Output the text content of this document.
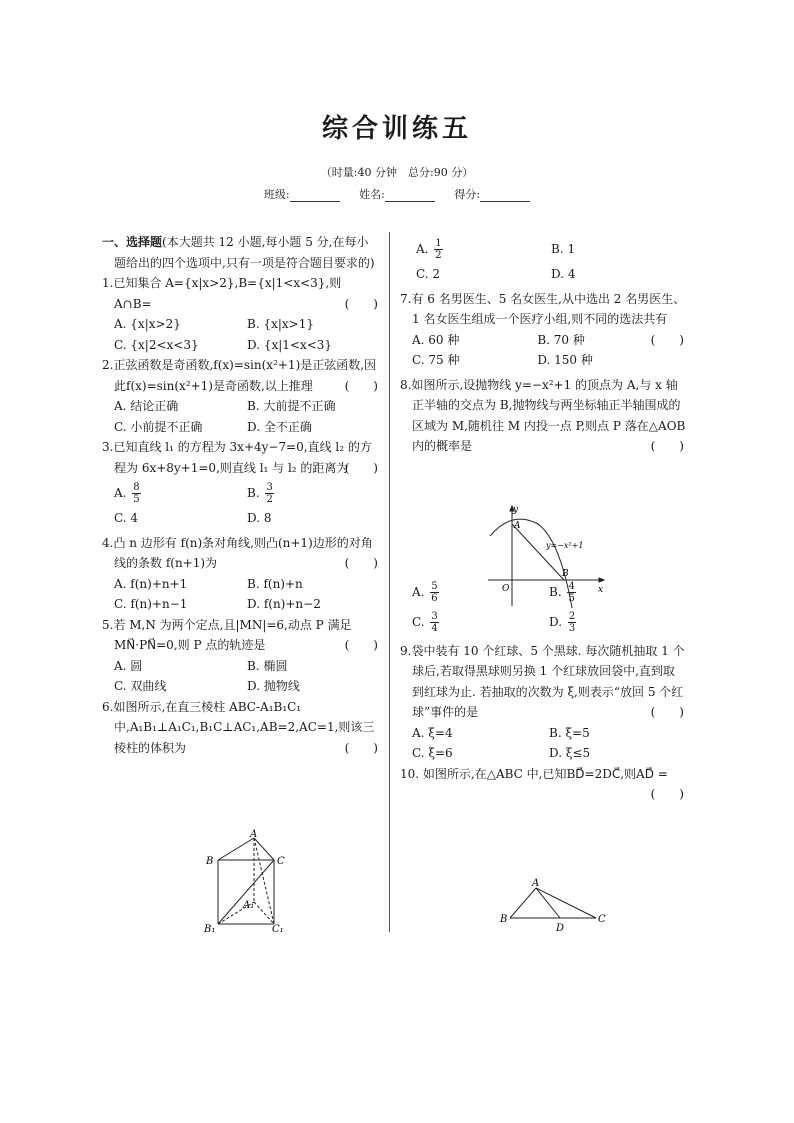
综合训练五
（时量:40 分钟　总分:90 分）
班级:	姓名:	得分:

一、选择题(本大题共 12 小题,每小题 5 分,在每小题给出的四个选项中,只有一项是符合题目要求的)

1.已知集合 A={x|x>2},B={x|1<x<3},则 A∩B=	(　　)

A. {x|x>2}	B. {x|x>1}
C. {x|2<x<3}	D. {x|1<x<3}

2.正弦函数是奇函数,f(x)=sin(x²+1)是正弦函数,因此f(x)=sin(x²+1)是奇函数,以上推理	(　　)

A. 结论正确	B. 大前提不正确
C. 小前提不正确	D. 全不正确

3.已知直线 l₁ 的方程为 3x+4y−7=0,直线 l₂ 的方程为 6x+8y+1=0,则直线 l₁ 与 l₂ 的距离为
(　　)

A. $\frac{8}{5}$	B. $\frac{3}{2}$
C. 4	D. 8

4.凸 n 边形有 f(n)条对角线,则凸(n+1)边形的对角线的条数 f(n+1)为	(　　)

A. f(n)+n+1	B. f(n)+n
C. f(n)+n−1	D. f(n)+n−2

5.若 M,N 为两个定点,且|MN|=6,动点 P 满足 MN⃗·PN⃗=0,则 P 点的轨迹是	(　　)

A. 圆	B. 椭圆
C. 双曲线	D. 抛物线

6.如图所示,在直三棱柱 ABC-A₁B₁C₁ 中,A₁B₁⊥A₁C₁,B₁C⊥AC₁,AB=2,AC=1,则该三棱柱的体积为	(　　)

A
B	C
A₁
B₁	C₁
A. $\frac{1}{2}$	B. 1
C. 2	D. 4

7.有 6 名男医生、5 名女医生,从中选出 2 名男医生、1 名女医生组成一个医疗小组,则不同的选法共有
(　　)

A. 60 种	B. 70 种
C. 75 种	D. 150 种

8.如图所示,设抛物线 y=−x²+1 的顶点为 A,与 x 轴正半轴的交点为 B,抛物线与两坐标轴正半轴围成的区域为 M,随机往 M 内投一点 P,则点 P 落在△AOB 内的概率是	(　　)

A. $\frac{5}{6}$	B. $\frac{4}{5}$
C. $\frac{3}{4}$	D. $\frac{2}{3}$

9.袋中装有 10 个红球、5 个黑球. 每次随机抽取 1 个球后,若取得黑球则另换 1 个红球放回袋中,直到取到红球为止. 若抽取的次数为 ξ,则表示“放回 5 个红球”事件的是	(　　)

A. ξ=4	B. ξ=5
C. ξ=6	D. ξ≤5

10. 如图所示,在△ABC 中,已知BD⃗=2DC⃗,则AD⃗ =
(　　)

y
x
O
A
B
y=−x²+1
A
B	C
D
